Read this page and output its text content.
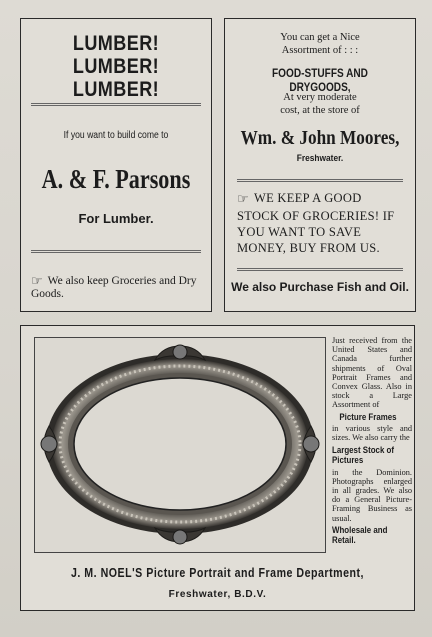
LUMBER! LUMBER!
LUMBER!
If you want to build come to
A. & F. Parsons
For Lumber.
☞ We also keep Groceries and Dry Goods.
You can get a Nice
Assortment of : : :
FOOD-STUFFS AND DRYGOODS,
At very moderate
cost, at the store of
Wm. & John Moores,
Freshwater.
☞ WE KEEP A GOOD STOCK OF GROCERIES! IF YOU WANT TO SAVE MONEY, BUY FROM US.
We also Purchase Fish and Oil.
Just received from the United States and Canada further shipments of Oval Portrait Frames and Convex Glass. Also in stock a Large Assortment of
Picture Frames
in various style and sizes. We also carry the
Largest Stock of Pictures
in the Dominion. Photographs enlarged in all grades. We also do a General Picture-Framing Business as usual.
Wholesale and Retail.
J. M. NOEL'S Picture Portrait and Frame Department,
Freshwater, B.D.V.
